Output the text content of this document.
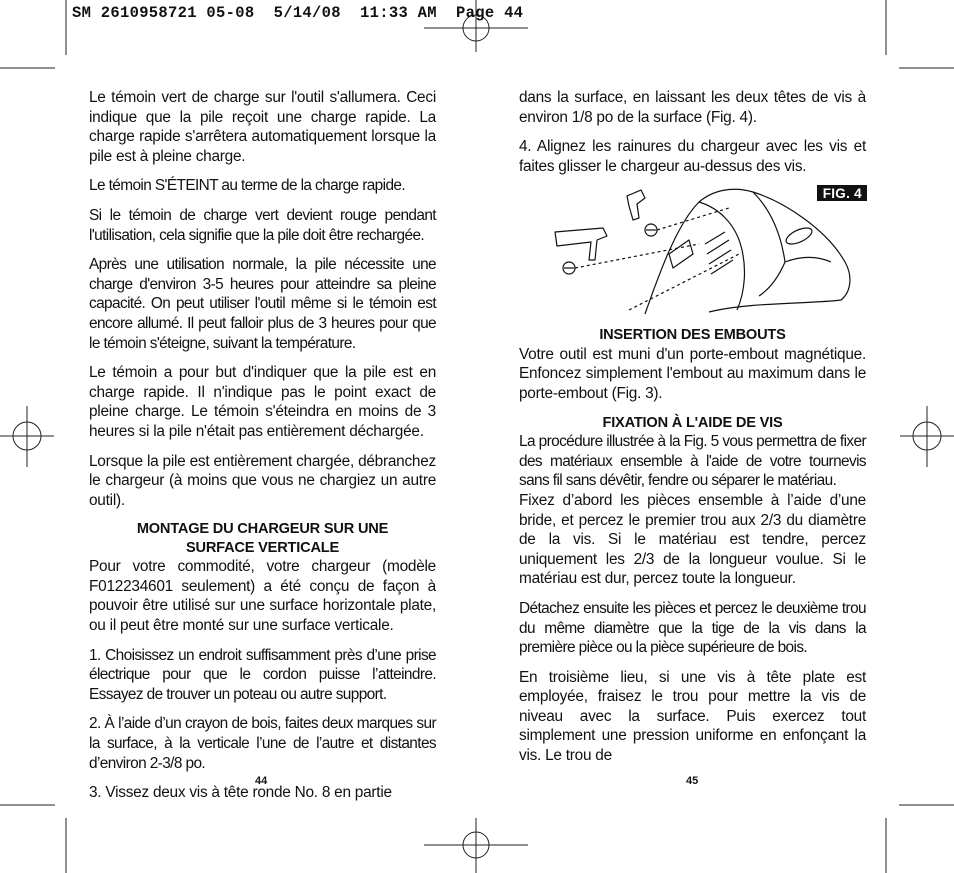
SM 2610958721 05-08  5/14/08  11:33 AM  Page 44

Le témoin vert de charge sur l'outil s'allumera. Ceci indique que la pile reçoit une charge rapide. La charge rapide s'arrêtera automatiquement lorsque la pile est à pleine charge.

Le témoin S'ÉTEINT au terme de la charge rapide.

Si le témoin de charge vert devient rouge pendant l'utilisation, cela signifie que la pile doit être rechargée.

Après une utilisation normale, la pile nécessite une charge d'environ 3-5 heures pour atteindre sa pleine capacité. On peut utiliser l'outil même si le témoin est encore allumé. Il peut falloir plus de 3 heures pour que le témoin s'éteigne, suivant la température.

Le témoin a pour but d'indiquer que la pile est en charge rapide. Il n'indique pas le point exact de pleine charge. Le témoin s'éteindra en moins de 3 heures si la pile n'était pas entièrement déchargée.

Lorsque la pile est entièrement chargée, débranchez le chargeur (à moins que vous ne chargiez un autre outil).

MONTAGE DU CHARGEUR SUR UNE

SURFACE VERTICALE

Pour votre commodité, votre chargeur (modèle F012234601 seulement) a été conçu de façon à pouvoir être utilisé sur une surface horizontale plate, ou il peut être monté sur une surface verticale.

1. Choisissez un endroit suffisamment près d’une prise électrique pour que le cordon puisse l’atteindre. Essayez de trouver un poteau ou autre support.

2. À l’aide d’un crayon de bois, faites deux marques sur la surface, à la verticale l’une de l’autre et distantes d’environ 2-3/8 po.

3. Vissez deux vis à tête ronde No. 8 en partie

44

dans la surface, en laissant les deux têtes de vis à environ 1/8 po de la surface (Fig. 4).

4. Alignez les rainures du chargeur avec les vis et faites glisser le chargeur au-dessus des vis.

FIG. 4

INSERTION DES EMBOUTS

Votre outil est muni d'un porte-embout magnétique. Enfoncez simplement l'embout au maximum dans le porte-embout (Fig. 3).

FIXATION À L'AIDE DE VIS

La procédure illustrée à la Fig. 5 vous permettra de fixer des matériaux ensemble à l'aide de votre tournevis sans fil sans dévêtir, fendre ou séparer le matériau.

Fixez d’abord les pièces ensemble à l’aide d’une bride, et percez le premier trou aux 2/3 du diamètre de la vis. Si le matériau est tendre, percez uniquement les 2/3 de la longueur voulue. Si le matériau est dur, percez toute la longueur.

Détachez ensuite les pièces et percez le deuxième trou du même diamètre que la tige de la vis dans la première pièce ou la pièce supérieure de bois.

En troisième lieu, si une vis à tête plate est employée, fraisez le trou pour mettre la vis de niveau avec la surface. Puis exercez tout simplement une pression uniforme en enfonçant la vis. Le trou de

45
